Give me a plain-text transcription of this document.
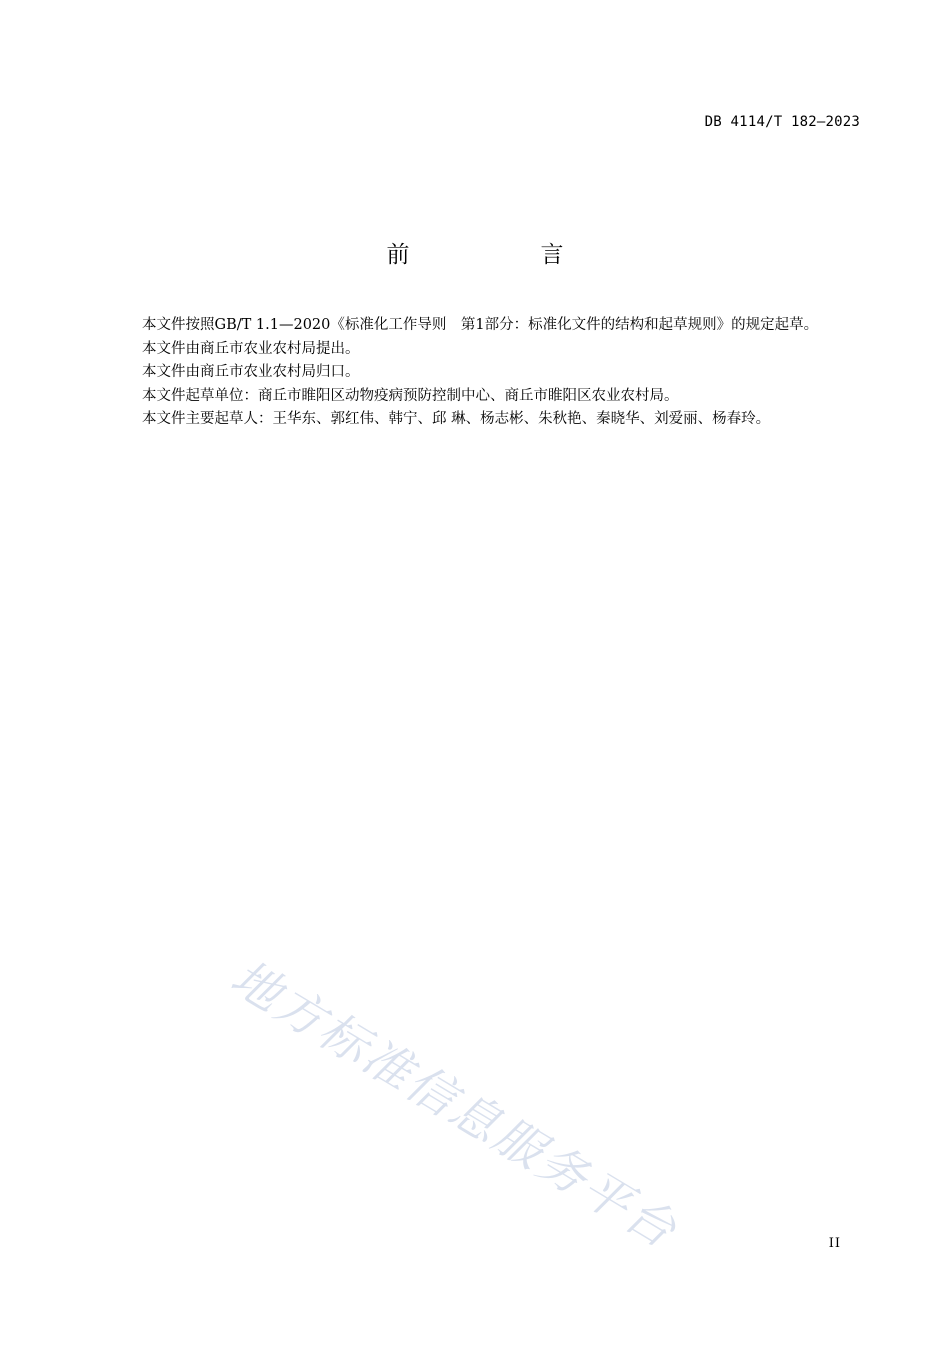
DB 4114/T 182—2023
前　言

本文件按照GB/T 1.1—2020《标准化工作导则　第1部分：标准化文件的结构和起草规则》的规定起草。

本文件由商丘市农业农村局提出。

本文件由商丘市农业农村局归口。

本文件起草单位：商丘市睢阳区动物疫病预防控制中心、商丘市睢阳区农业农村局。

本文件主要起草人：王华东、郭红伟、韩宁、邱 琳、杨志彬、朱秋艳、秦晓华、刘爱丽、杨春玲。

地方标准信息服务平台	II
